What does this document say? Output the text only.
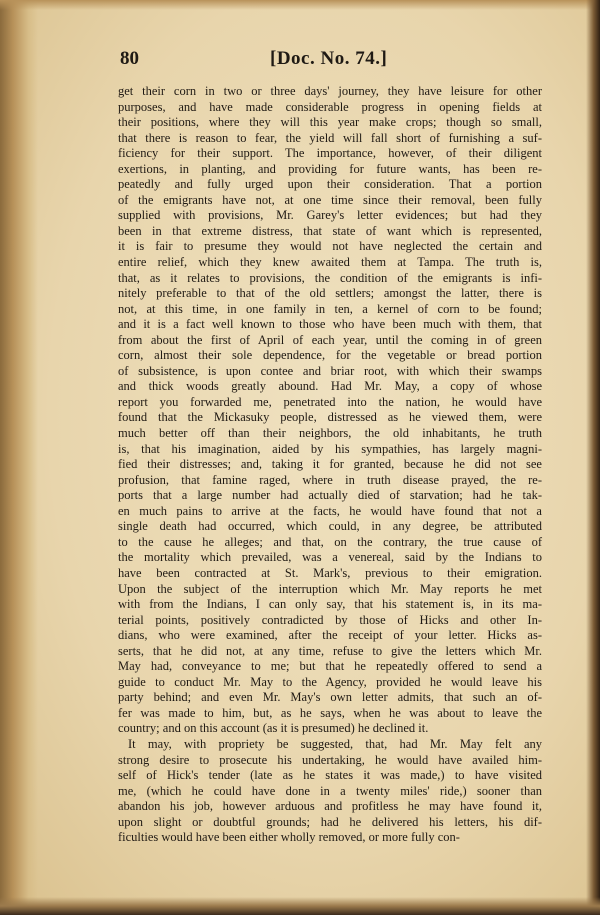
80	[Doc. No. 74.]
get their corn in two or three days' journey, they have leisure for other
purposes, and have made considerable progress in opening fields at
their positions, where they will this year make crops; though so small,
that there is reason to fear, the yield will fall short of furnishing a suf-
ficiency for their support. The importance, however, of their diligent
exertions, in planting, and providing for future wants, has been re-
peatedly and fully urged upon their consideration. That a portion
of the emigrants have not, at one time since their removal, been fully
supplied with provisions, Mr. Garey's letter evidences; but had they
been in that extreme distress, that state of want which is represented,
it is fair to presume they would not have neglected the certain and
entire relief, which they knew awaited them at Tampa. The truth is,
that, as it relates to provisions, the condition of the emigrants is infi-
nitely preferable to that of the old settlers; amongst the latter, there is
not, at this time, in one family in ten, a kernel of corn to be found;
and it is a fact well known to those who have been much with them, that
from about the first of April of each year, until the coming in of green
corn, almost their sole dependence, for the vegetable or bread portion
of subsistence, is upon contee and briar root, with which their swamps
and thick woods greatly abound. Had Mr. May, a copy of whose
report you forwarded me, penetrated into the nation, he would have
found that the Mickasuky people, distressed as he viewed them, were
much better off than their neighbors, the old inhabitants, he truth
is, that his imagination, aided by his sympathies, has largely magni-
fied their distresses; and, taking it for granted, because he did not see
profusion, that famine raged, where in truth disease prayed, the re-
ports that a large number had actually died of starvation; had he tak-
en much pains to arrive at the facts, he would have found that not a
single death had occurred, which could, in any degree, be attributed
to the cause he alleges; and that, on the contrary, the true cause of
the mortality which prevailed, was a venereal, said by the Indians to
have been contracted at St. Mark's, previous to their emigration.
Upon the subject of the interruption which Mr. May reports he met
with from the Indians, I can only say, that his statement is, in its ma-
terial points, positively contradicted by those of Hicks and other In-
dians, who were examined, after the receipt of your letter. Hicks as-
serts, that he did not, at any time, refuse to give the letters which Mr.
May had, conveyance to me; but that he repeatedly offered to send a
guide to conduct Mr. May to the Agency, provided he would leave his
party behind; and even Mr. May's own letter admits, that such an of-
fer was made to him, but, as he says, when he was about to leave the
country; and on this account (as it is presumed) he declined it.
It may, with propriety be suggested, that, had Mr. May felt any
strong desire to prosecute his undertaking, he would have availed him-
self of Hick's tender (late as he states it was made,) to have visited
me, (which he could have done in a twenty miles' ride,) sooner than
abandon his job, however arduous and profitless he may have found it,
upon slight or doubtful grounds; had he delivered his letters, his dif-
ficulties would have been either wholly removed, or more fully con-
